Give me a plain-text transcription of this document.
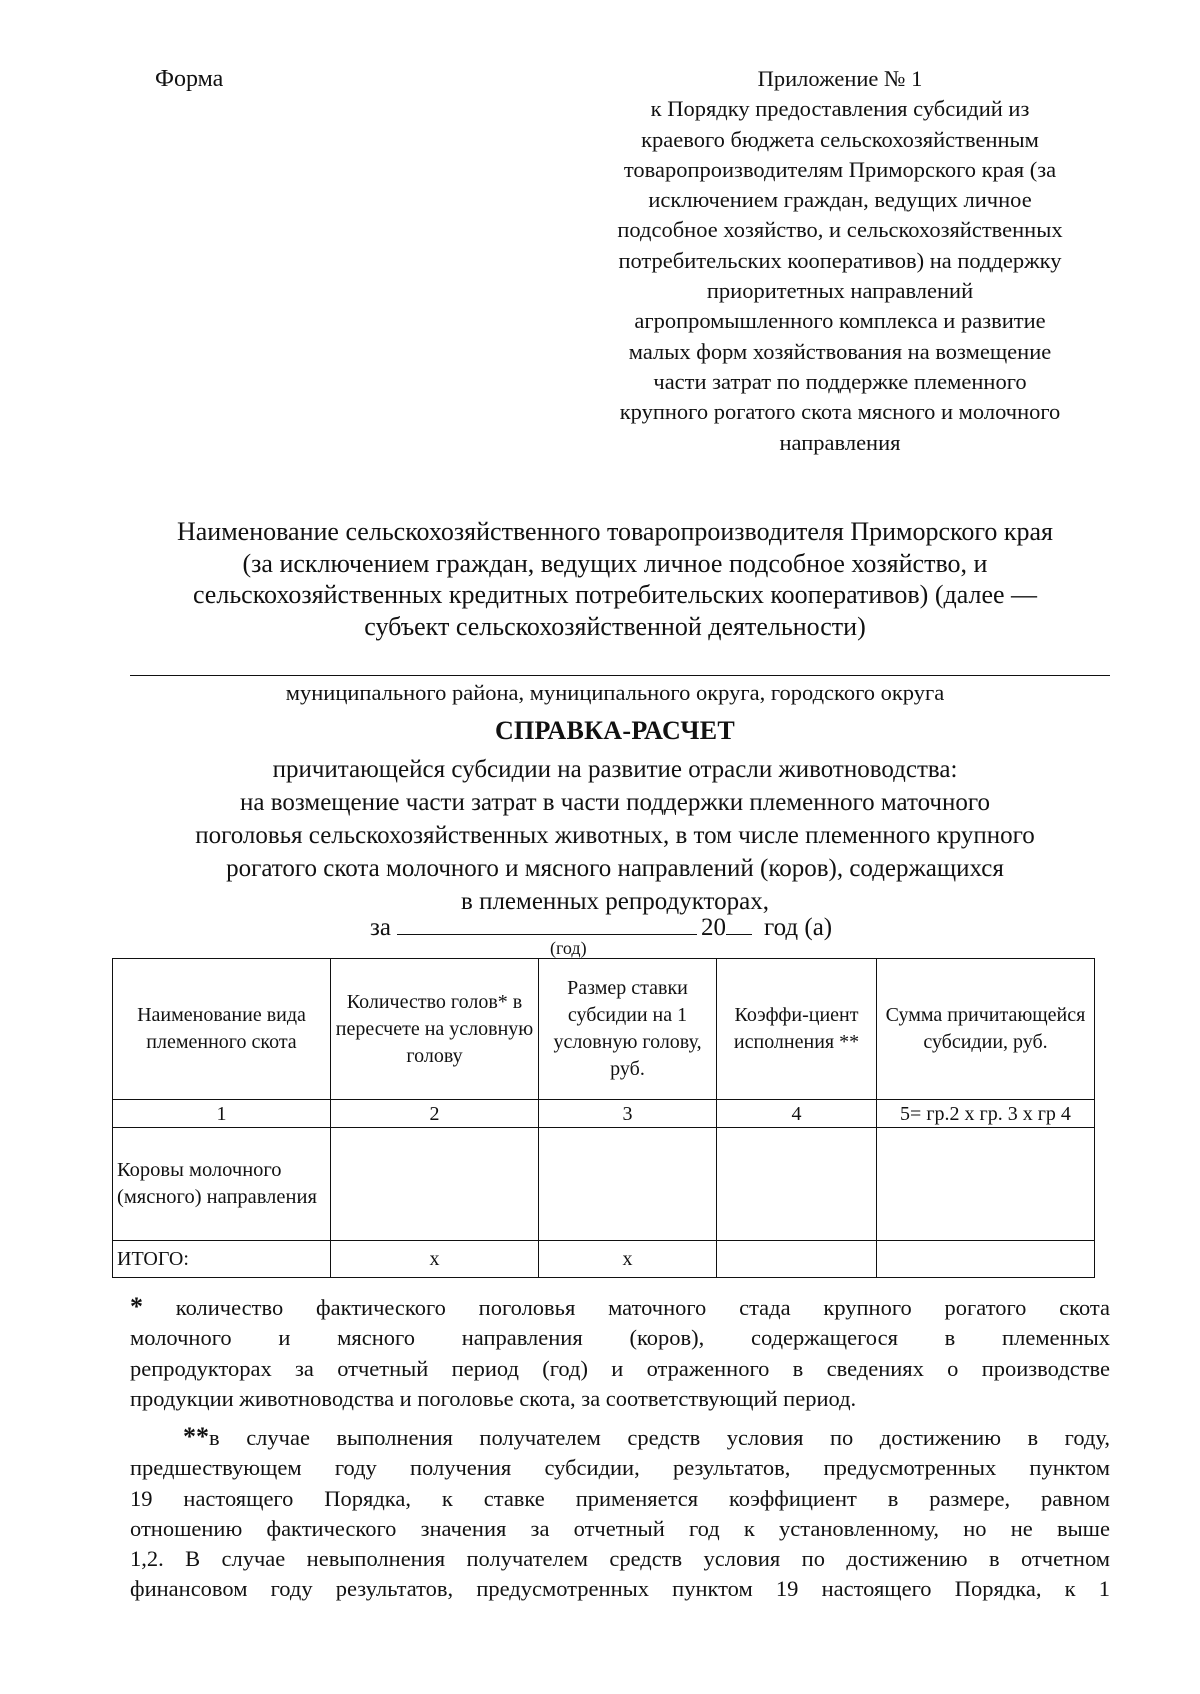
Форма	Приложение № 1
к Порядку предоставления субсидий из
краевого бюджета сельскохозяйственным
товаропроизводителям Приморского края (за
исключением граждан, ведущих личное
подсобное хозяйство, и сельскохозяйственных
потребительских кооперативов) на поддержку
приоритетных направлений
агропромышленного комплекса и развитие
малых форм хозяйствования на возмещение
части затрат по поддержке племенного
крупного рогатого скота мясного и молочного
направления
Наименование сельскохозяйственного товаропроизводителя Приморского края
(за исключением граждан, ведущих личное подсобное хозяйство, и
сельскохозяйственных кредитных потребительских кооперативов) (далее —
субъект сельскохозяйственной деятельности)
муниципального района, муниципального округа, городского округа
СПРАВКА-РАСЧЕТ
причитающейся субсидии на развитие отрасли животноводства:
на возмещение части затрат в части поддержки племенного маточного
поголовья сельскохозяйственных животных, в том числе племенного крупного
рогатого скота молочного и мясного направлений (коров), содержащихся
в племенных репродукторах,
за	20 год (а)
(год)
Наименование вида племенного скота	Количество голов* в пересчете на условную голову	Размер ставки субсидии на 1 условную голову, руб.	Коэффи-циент исполнения **	Сумма причитающейся субсидии, руб.
1	2	3	4	5= гр.2 х гр. 3 х гр 4
Коровы молочного (мясного) направления				
ИТОГО:	х	х		
* количество фактического поголовья маточного стада крупного рогатого скота
молочного и мясного направления (коров), содержащегося в племенных
репродукторах за отчетный период (год) и отраженного в сведениях о производстве
продукции животноводства и поголовье скота, за соответствующий период.
**в случае выполнения получателем средств условия по достижению в году,
предшествующем году получения субсидии, результатов, предусмотренных пунктом
19 настоящего Порядка, к ставке применяется коэффициент в размере, равном
отношению фактического значения за отчетный год к установленному, но не выше
1,2. В случае невыполнения получателем средств условия по достижению в отчетном
финансовом году результатов, предусмотренных пунктом 19 настоящего Порядка, к 1
